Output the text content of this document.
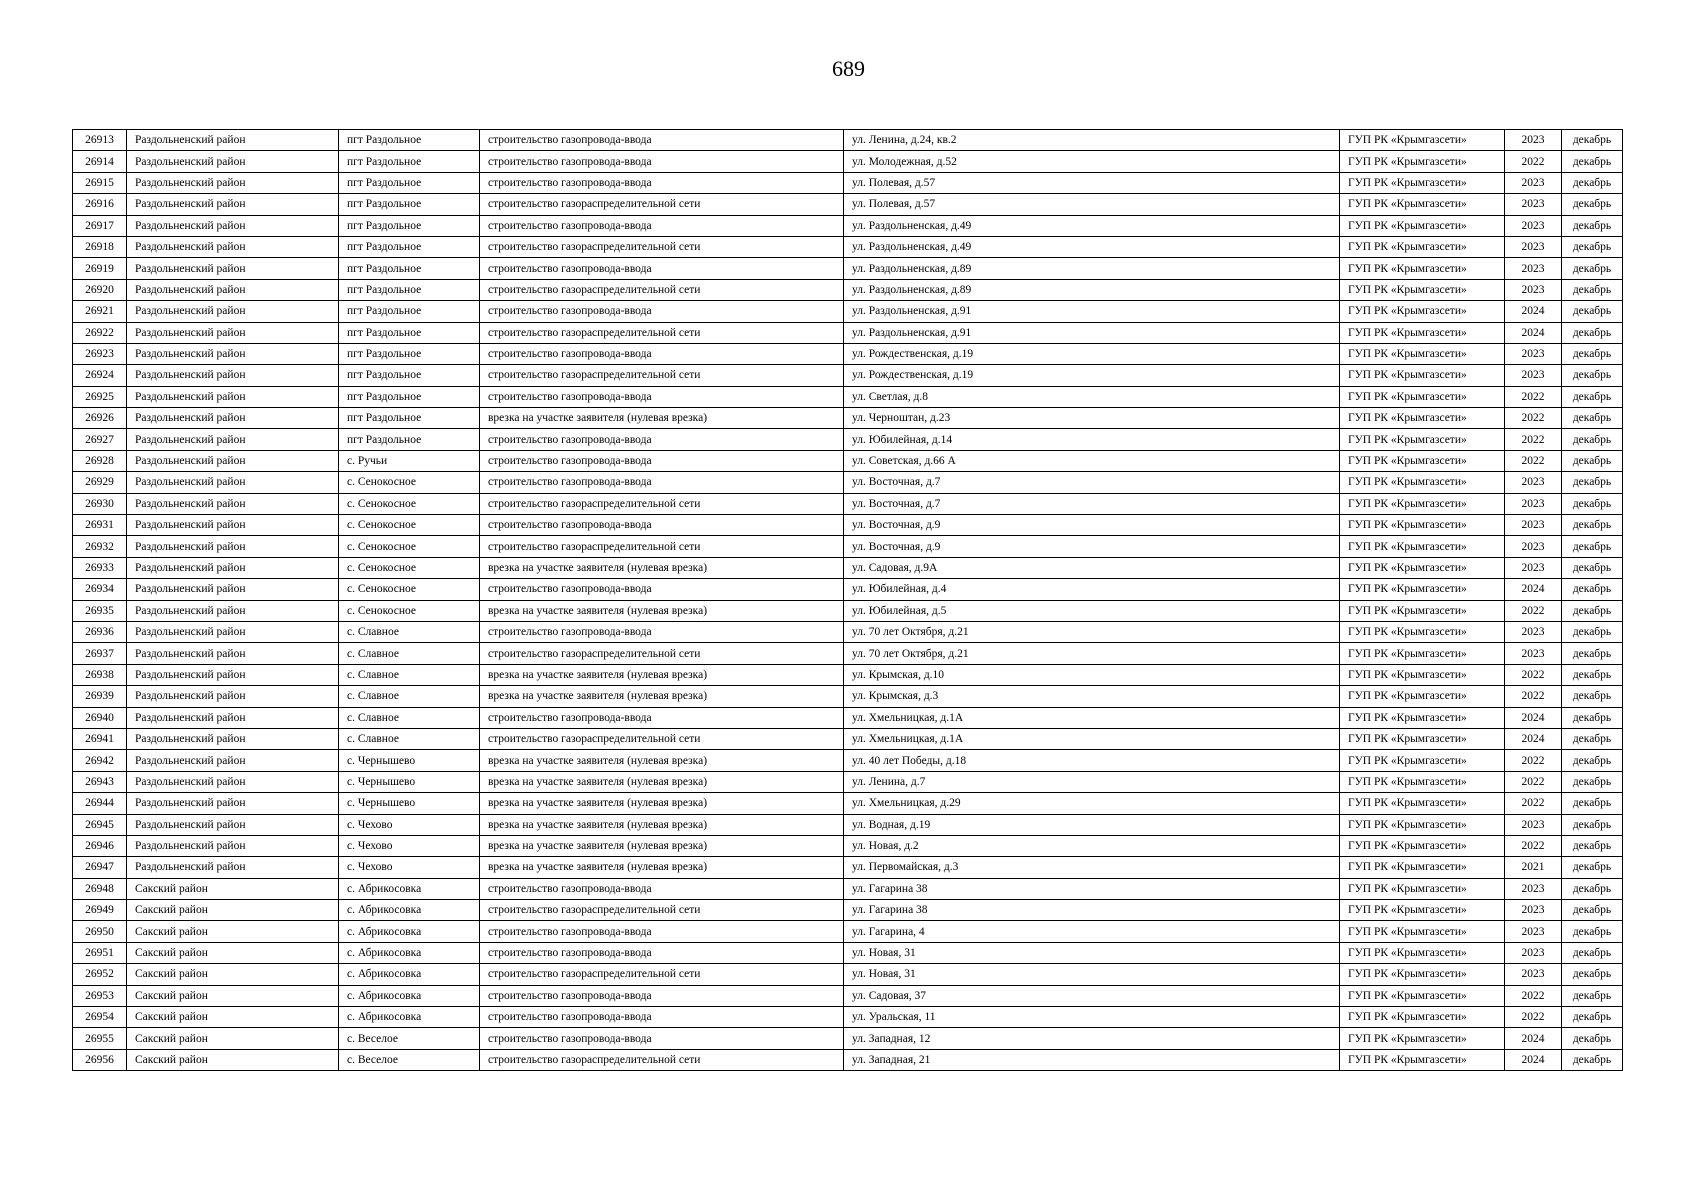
689
26913	Раздольненский район	пгт Раздольное	строительство газопровода-ввода	ул. Ленина, д.24, кв.2	ГУП РК «Крымгазсети»	2023	декабрь
26914	Раздольненский район	пгт Раздольное	строительство газопровода-ввода	ул. Молодежная, д.52	ГУП РК «Крымгазсети»	2022	декабрь
26915	Раздольненский район	пгт Раздольное	строительство газопровода-ввода	ул. Полевая, д.57	ГУП РК «Крымгазсети»	2023	декабрь
26916	Раздольненский район	пгт Раздольное	строительство газораспределительной сети	ул. Полевая, д.57	ГУП РК «Крымгазсети»	2023	декабрь
26917	Раздольненский район	пгт Раздольное	строительство газопровода-ввода	ул. Раздольненская, д.49	ГУП РК «Крымгазсети»	2023	декабрь
26918	Раздольненский район	пгт Раздольное	строительство газораспределительной сети	ул. Раздольненская, д.49	ГУП РК «Крымгазсети»	2023	декабрь
26919	Раздольненский район	пгт Раздольное	строительство газопровода-ввода	ул. Раздольненская, д.89	ГУП РК «Крымгазсети»	2023	декабрь
26920	Раздольненский район	пгт Раздольное	строительство газораспределительной сети	ул. Раздольненская, д.89	ГУП РК «Крымгазсети»	2023	декабрь
26921	Раздольненский район	пгт Раздольное	строительство газопровода-ввода	ул. Раздольненская, д.91	ГУП РК «Крымгазсети»	2024	декабрь
26922	Раздольненский район	пгт Раздольное	строительство газораспределительной сети	ул. Раздольненская, д.91	ГУП РК «Крымгазсети»	2024	декабрь
26923	Раздольненский район	пгт Раздольное	строительство газопровода-ввода	ул. Рождественская, д.19	ГУП РК «Крымгазсети»	2023	декабрь
26924	Раздольненский район	пгт Раздольное	строительство газораспределительной сети	ул. Рождественская, д.19	ГУП РК «Крымгазсети»	2023	декабрь
26925	Раздольненский район	пгт Раздольное	строительство газопровода-ввода	ул. Светлая, д.8	ГУП РК «Крымгазсети»	2022	декабрь
26926	Раздольненский район	пгт Раздольное	врезка на участке заявителя (нулевая врезка)	ул. Черноштан, д.23	ГУП РК «Крымгазсети»	2022	декабрь
26927	Раздольненский район	пгт Раздольное	строительство газопровода-ввода	ул. Юбилейная, д.14	ГУП РК «Крымгазсети»	2022	декабрь
26928	Раздольненский район	с. Ручьи	строительство газопровода-ввода	ул. Советская, д.66 А	ГУП РК «Крымгазсети»	2022	декабрь
26929	Раздольненский район	с. Сенокосное	строительство газопровода-ввода	ул. Восточная, д.7	ГУП РК «Крымгазсети»	2023	декабрь
26930	Раздольненский район	с. Сенокосное	строительство газораспределительной сети	ул. Восточная, д.7	ГУП РК «Крымгазсети»	2023	декабрь
26931	Раздольненский район	с. Сенокосное	строительство газопровода-ввода	ул. Восточная, д.9	ГУП РК «Крымгазсети»	2023	декабрь
26932	Раздольненский район	с. Сенокосное	строительство газораспределительной сети	ул. Восточная, д.9	ГУП РК «Крымгазсети»	2023	декабрь
26933	Раздольненский район	с. Сенокосное	врезка на участке заявителя (нулевая врезка)	ул. Садовая, д.9А	ГУП РК «Крымгазсети»	2023	декабрь
26934	Раздольненский район	с. Сенокосное	строительство газопровода-ввода	ул. Юбилейная, д.4	ГУП РК «Крымгазсети»	2024	декабрь
26935	Раздольненский район	с. Сенокосное	врезка на участке заявителя (нулевая врезка)	ул. Юбилейная, д.5	ГУП РК «Крымгазсети»	2022	декабрь
26936	Раздольненский район	с. Славное	строительство газопровода-ввода	ул. 70 лет Октября, д.21	ГУП РК «Крымгазсети»	2023	декабрь
26937	Раздольненский район	с. Славное	строительство газораспределительной сети	ул. 70 лет Октября, д.21	ГУП РК «Крымгазсети»	2023	декабрь
26938	Раздольненский район	с. Славное	врезка на участке заявителя (нулевая врезка)	ул. Крымская, д.10	ГУП РК «Крымгазсети»	2022	декабрь
26939	Раздольненский район	с. Славное	врезка на участке заявителя (нулевая врезка)	ул. Крымская, д.3	ГУП РК «Крымгазсети»	2022	декабрь
26940	Раздольненский район	с. Славное	строительство газопровода-ввода	ул. Хмельницкая, д.1А	ГУП РК «Крымгазсети»	2024	декабрь
26941	Раздольненский район	с. Славное	строительство газораспределительной сети	ул. Хмельницкая, д.1А	ГУП РК «Крымгазсети»	2024	декабрь
26942	Раздольненский район	с. Чернышево	врезка на участке заявителя (нулевая врезка)	ул. 40 лет Победы, д.18	ГУП РК «Крымгазсети»	2022	декабрь
26943	Раздольненский район	с. Чернышево	врезка на участке заявителя (нулевая врезка)	ул. Ленина, д.7	ГУП РК «Крымгазсети»	2022	декабрь
26944	Раздольненский район	с. Чернышево	врезка на участке заявителя (нулевая врезка)	ул. Хмельницкая, д.29	ГУП РК «Крымгазсети»	2022	декабрь
26945	Раздольненский район	с. Чехово	врезка на участке заявителя (нулевая врезка)	ул. Водная, д.19	ГУП РК «Крымгазсети»	2023	декабрь
26946	Раздольненский район	с. Чехово	врезка на участке заявителя (нулевая врезка)	ул. Новая, д.2	ГУП РК «Крымгазсети»	2022	декабрь
26947	Раздольненский район	с. Чехово	врезка на участке заявителя (нулевая врезка)	ул. Первомайская, д.3	ГУП РК «Крымгазсети»	2021	декабрь
26948	Сакский район	с. Абрикосовка	строительство газопровода-ввода	ул. Гагарина 38	ГУП РК «Крымгазсети»	2023	декабрь
26949	Сакский район	с. Абрикосовка	строительство газораспределительной сети	ул. Гагарина 38	ГУП РК «Крымгазсети»	2023	декабрь
26950	Сакский район	с. Абрикосовка	строительство газопровода-ввода	ул. Гагарина, 4	ГУП РК «Крымгазсети»	2023	декабрь
26951	Сакский район	с. Абрикосовка	строительство газопровода-ввода	ул. Новая, 31	ГУП РК «Крымгазсети»	2023	декабрь
26952	Сакский район	с. Абрикосовка	строительство газораспределительной сети	ул. Новая, 31	ГУП РК «Крымгазсети»	2023	декабрь
26953	Сакский район	с. Абрикосовка	строительство газопровода-ввода	ул. Садовая, 37	ГУП РК «Крымгазсети»	2022	декабрь
26954	Сакский район	с. Абрикосовка	строительство газопровода-ввода	ул. Уральская, 11	ГУП РК «Крымгазсети»	2022	декабрь
26955	Сакский район	с. Веселое	строительство газопровода-ввода	ул. Западная, 12	ГУП РК «Крымгазсети»	2024	декабрь
26956	Сакский район	с. Веселое	строительство газораспределительной сети	ул. Западная, 21	ГУП РК «Крымгазсети»	2024	декабрь
